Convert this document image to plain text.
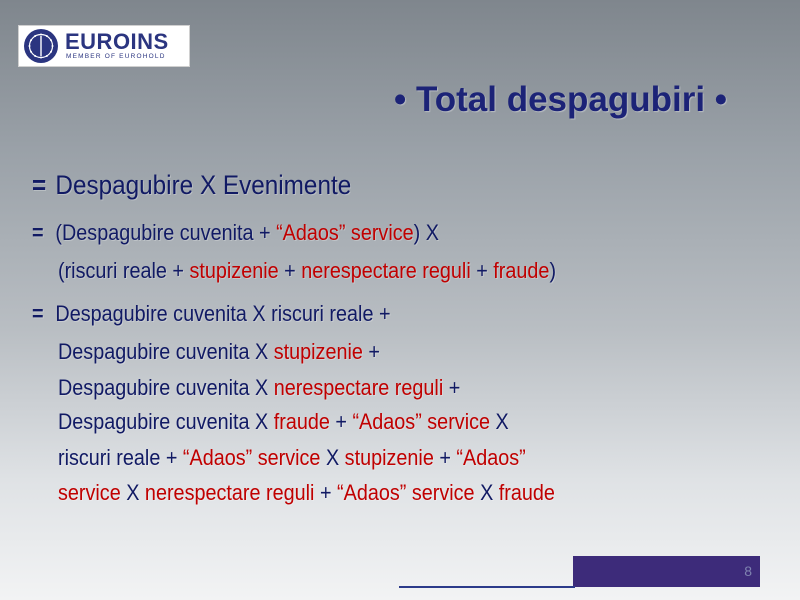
EUROINS
MEMBER OF EUROHOLD
• Total despagubiri •
= Despagubire X Evenimente
= (Despagubire cuvenita + “Adaos” service) X
(riscuri reale + stupizenie + nerespectare reguli + fraude)
= Despagubire cuvenita X riscuri reale +
Despagubire cuvenita X stupizenie +
Despagubire cuvenita X nerespectare reguli +
Despagubire cuvenita X fraude + “Adaos” service X
riscuri reale + “Adaos” service X stupizenie + “Adaos”
service X nerespectare reguli + “Adaos” service X fraude
8
